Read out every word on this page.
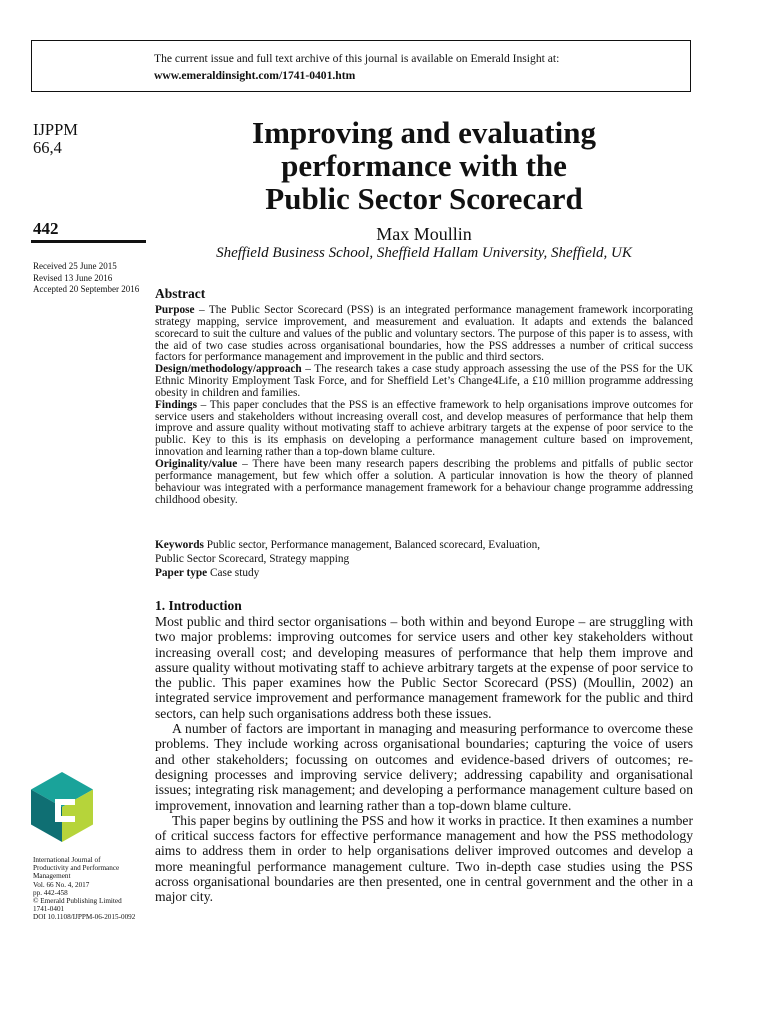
The current issue and full text archive of this journal is available on Emerald Insight at:
www.emeraldinsight.com/1741-0401.htm
IJPPM
66,4
442
Received 25 June 2015
Revised 13 June 2016
Accepted 20 September 2016
Improving and evaluating
performance with the
Public Sector Scorecard
Max Moullin
Sheffield Business School, Sheffield Hallam University, Sheffield, UK
Abstract

Purpose – The Public Sector Scorecard (PSS) is an integrated performance management framework incorporating strategy mapping, service improvement, and measurement and evaluation. It adapts and extends the balanced scorecard to suit the culture and values of the public and voluntary sectors. The purpose of this paper is to assess, with the aid of two case studies across organisational boundaries, how the PSS addresses a number of critical success factors for performance management and improvement in the public and third sectors.

Design/methodology/approach – The research takes a case study approach assessing the use of the PSS for the UK Ethnic Minority Employment Task Force, and for Sheffield Let’s Change4Life, a £10 million programme addressing obesity in children and families.

Findings – This paper concludes that the PSS is an effective framework to help organisations improve outcomes for service users and stakeholders without increasing overall cost, and develop measures of performance that help them improve and assure quality without motivating staff to achieve arbitrary targets at the expense of poor service to the public. Key to this is its emphasis on developing a performance management culture based on improvement, innovation and learning rather than a top-down blame culture.

Originality/value – There have been many research papers describing the problems and pitfalls of public sector performance management, but few which offer a solution. A particular innovation is how the theory of planned behaviour was integrated with a performance management framework for a behaviour change programme addressing childhood obesity.

Keywords Public sector, Performance management, Balanced scorecard, Evaluation,
Public Sector Scorecard, Strategy mapping
Paper type Case study
1. Introduction

Most public and third sector organisations – both within and beyond Europe – are struggling with two major problems: improving outcomes for service users and other key stakeholders without increasing overall cost; and developing measures of performance that help them improve and assure quality without motivating staff to achieve arbitrary targets at the expense of poor service to the public. This paper examines how the Public Sector Scorecard (PSS) (Moullin, 2002) an integrated service improvement and performance management framework for the public and third sectors, can help such organisations address both these issues.

A number of factors are important in managing and measuring performance to overcome these problems. They include working across organisational boundaries; capturing the voice of users and other stakeholders; focussing on outcomes and evidence-based drivers of outcomes; re-designing processes and improving service delivery; addressing capability and organisational issues; integrating risk management; and developing a performance management culture based on improvement, innovation and learning rather than a top-down blame culture.

This paper begins by outlining the PSS and how it works in practice. It then examines a number of critical success factors for effective performance management and how the PSS methodology aims to address them in order to help organisations deliver improved outcomes and develop a more meaningful performance management culture. Two in-depth case studies using the PSS across organisational boundaries are then presented, one in central government and the other in a major city.

International Journal of
Productivity and Performance
Management
Vol. 66 No. 4, 2017
pp. 442-458
© Emerald Publishing Limited
1741-0401
DOI 10.1108/IJPPM-06-2015-0092
